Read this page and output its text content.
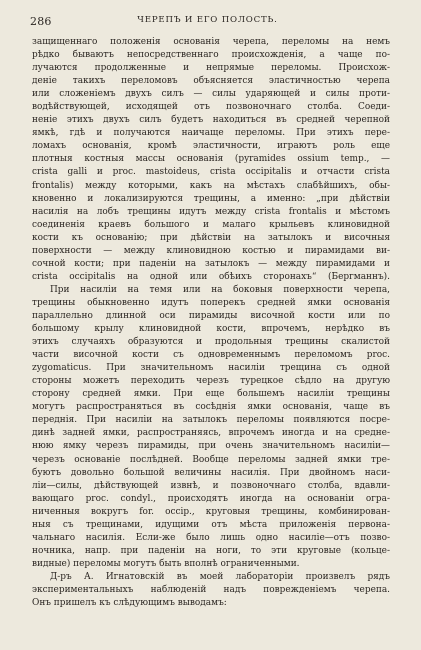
286	ЧЕРЕПЪ И ЕГО ПОЛОСТЬ.
защищеннаго положенія основанія черепа, переломы на немъ
рѣдко бываютъ непосредственнаго происхожденія, а чаще по-
лучаются продолженные и непрямые переломы. Происхож-
деніе такихъ переломовъ объясняется эластичностью черепа
или сложеніемъ двухъ силъ — силы ударяющей и силы проти-
водѣйствующей, исходящей отъ позвоночнаго столба. Соеди-
неніе этихъ двухъ силъ будетъ находиться въ средней черепной
ямкѣ, гдѣ и получаются наичаще переломы. При этихъ пере-
ломахъ основанія, кромѣ эластичности, играютъ роль еще
плотныя костныя массы основанія (pyramides ossium temp., —
crista galli и proc. mastoideus, crista occipitalis и отчасти crista
frontalis) между которыми, какъ на мѣстахъ слабѣйшихъ, обы-
кновенно и локализируются трещины, а именно: „при дѣйствіи
насилія на лобъ трещины идутъ между crista frontalis и мѣстомъ
соединенія краевъ большого и малаго крыльевъ клиновидной
кости къ основанію; при дѣйствіи на затылокъ и височныя
поверхности — между клиновидною костью и пирамидами ви-
сочной кости; при паденіи на затылокъ — между пирамидами и
crista occipitalis на одной или обѣихъ сторонахъ“ (Бергманнъ).
При насиліи на темя или на боковыя поверхности черепа,
трещины обыкновенно идутъ поперекъ средней ямки основанія
параллельно длинной оси пирамиды височной кости или по
большому крылу клиновидной кости, впрочемъ, нерѣдко въ
этихъ случаяхъ образуются и продольныя трещины скалистой
части височной кости съ одновременнымъ переломомъ proc.
zygomaticus. При значительномъ насиліи трещина съ одной
стороны можетъ переходить черезъ турецкое сѣдло на другую
сторону средней ямки. При еще большемъ насиліи трещины
могутъ распространяться въ сосѣднія ямки основанія, чаще въ
переднія. При насиліи на затылокъ переломы появляются посре-
динѣ задней ямки, распространяясь, впрочемъ иногда и на средне-
нюю ямку черезъ пирамиды, при очень значительномъ насиліи—
черезъ основаніе послѣдней. Вообще переломы задней ямки тре-
буютъ довольно большой величины насилія. При двойномъ наси-
ліи—силы, дѣйствующей извнѣ, и позвоночнаго столба, вдавли-
вающаго proc. condyl., происходятъ иногда на основаніи огра-
ниченныя вокругъ for. occip., круговыя трещины, комбинирован-
ныя съ трещинами, идущими отъ мѣста приложенія первона-
чальнаго насилія. Если-же было лишь одно насиліе—отъ позво-
ночника, напр. при паденіи на ноги, то эти круговые (кольце-
видные) переломы могутъ быть вполнѣ ограниченными.
Д-ръ А. Игнатовскій въ моей лабораторіи произвелъ рядъ
экспериментальныхъ наблюденій надъ поврежденіемъ черепа.
Онъ пришелъ къ слѣдующимъ выводамъ:
